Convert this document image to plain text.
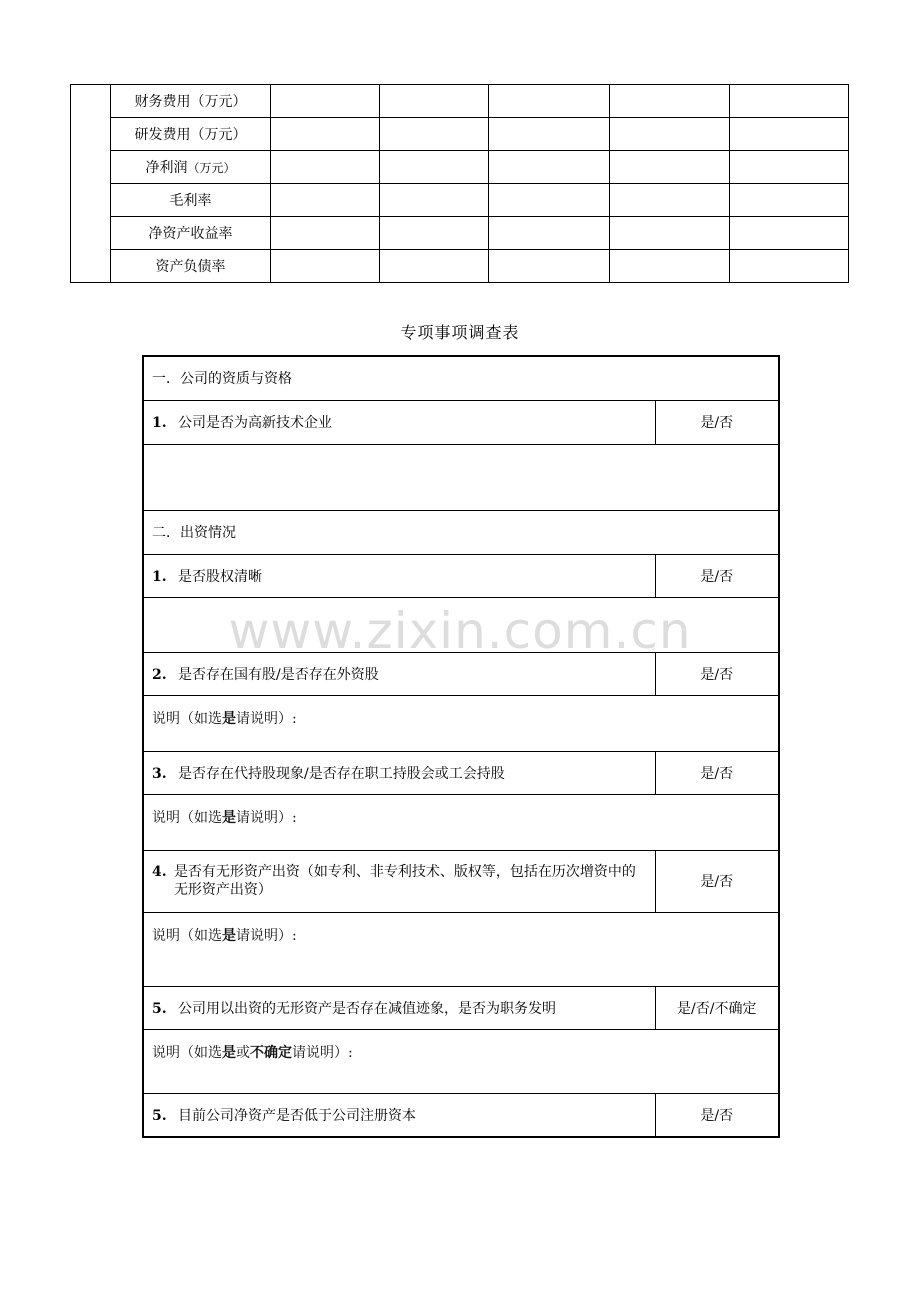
	财务费用（万元）					
	研发费用（万元）					
	净利润（万元）					
	毛利率					
	净资产收益率					
	资产负债率					
专项事项调查表
一．公司的资质与资格	
1. 公司是否为高新技术企业	是/否

二．出资情况	
1. 是否股权清晰	是/否

2. 是否存在国有股/是否存在外资股	是/否
说明（如选是请说明）:	
3. 是否存在代持股现象/是否存在职工持股会或工会持股	是/否
说明（如选是请说明）:	

4. 是否有无形资产出资（如专利、非专利技术、版权等，包括在历次增资中的无形资产出资）	是/否
说明（如选是请说明）:	
5. 公司用以出资的无形资产是否存在减值迹象，是否为职务发明	是/否/不确定
说明（如选是或不确定请说明）:	
5. 目前公司净资产是否低于公司注册资本	是/否
www.zixin.com.cn
